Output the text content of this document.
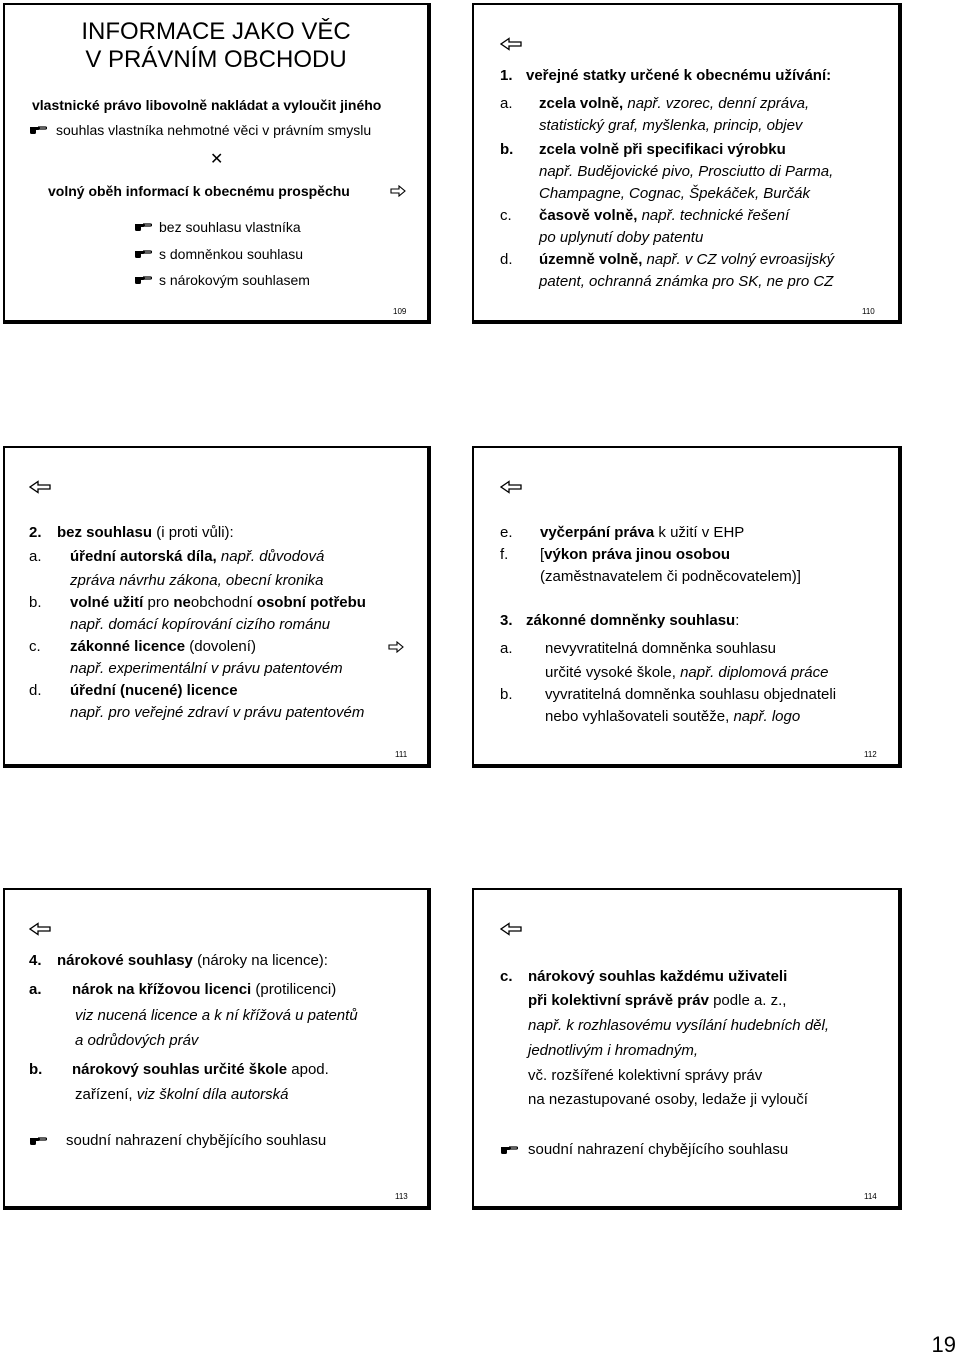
INFORMACE JAKO VĚC
V PRÁVNÍM OBCHODU
vlastnické právo libovolně nakládat a vyloučit jiného
souhlas vlastníka nehmotné věci v právním smyslu
✕
volný oběh informací k obecnému prospěchu
bez souhlasu vlastníka
s domněnkou souhlasu
s nárokovým souhlasem
109
1. veřejné statky určené k obecnému užívání:
a. zcela volně, např. vzorec, denní zpráva,
statistický graf, myšlenka, princip, objev
b. zcela volně při specifikaci výrobku
např. Budějovické pivo, Prosciutto di Parma,
Champagne, Cognac, Špekáček, Burčák
c. časově volně, např. technické řešení
po uplynutí doby patentu
d. územně volně, např. v CZ volný evroasijský
patent, ochranná známka pro SK, ne pro CZ
110
2. bez souhlasu (i proti vůli):
a. úřední autorská díla, např. důvodová
zpráva návrhu zákona, obecní kronika
b. volné užití pro neobchodní osobní potřebu
např. domácí kopírování cizího románu
c. zákonné licence (dovolení)
např. experimentální v právu patentovém
d. úřední (nucené) licence
např. pro veřejné zdraví v právu patentovém
111
e. vyčerpání práva k užití v EHP
f. [výkon práva jinou osobou
(zaměstnavatelem či podněcovatelem)]
3. zákonné domněnky souhlasu:
a. nevyvratitelná domněnka souhlasu
určité vysoké škole, např. diplomová práce
b. vyvratitelná domněnka souhlasu objednateli
nebo vyhlašovateli soutěže, např. logo
112
4. nárokové souhlasy (nároky na licence):
a. nárok na křížovou licenci (protilicenci)
viz nucená licence a k ní křížová u patentů
a odrůdových práv
b. nárokový souhlas určité škole apod.
zařízení, viz školní díla autorská
soudní nahrazení chybějícího souhlasu
113
c. nárokový souhlas každému uživateli
při kolektivní správě práv podle a. z.,
např. k rozhlasovému vysílání hudebních děl,
jednotlivým i hromadným,
vč. rozšířené kolektivní správy práv
na nezastupované osoby, ledaže ji vyloučí
soudní nahrazení chybějícího souhlasu
114
19
